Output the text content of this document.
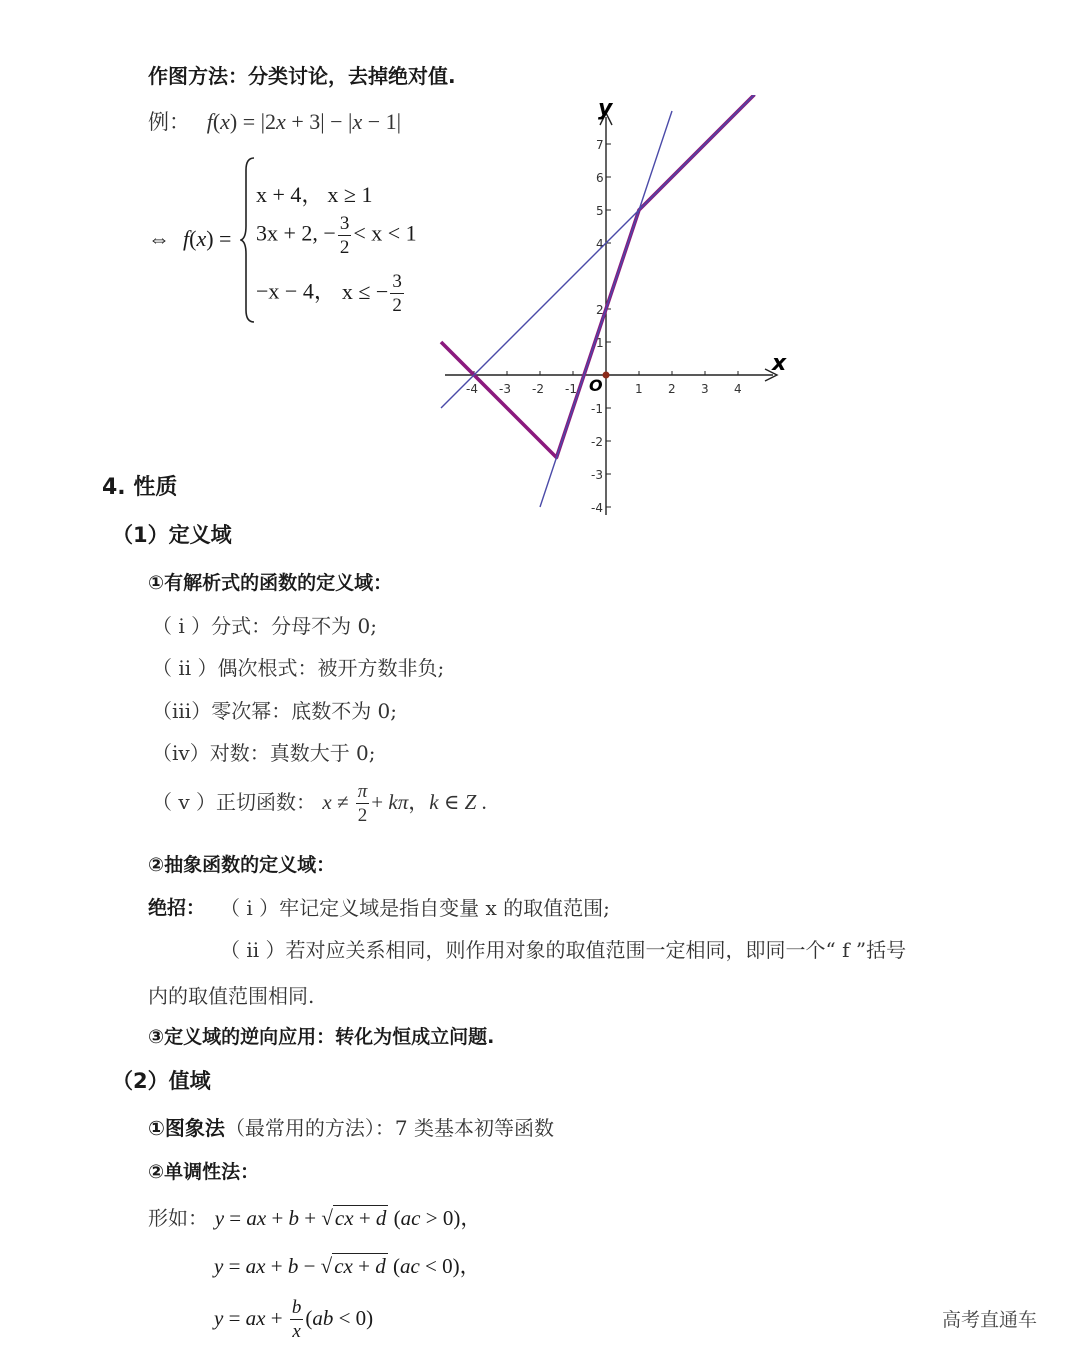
作图方法：分类讨论，去掉绝对值.
例： f(x) = |2x + 3| − |x − 1|
⇔ f(x) =
x + 4， x ≥ 1
3x + 2, − $\frac{3}{2} < x < 1$
−x − 4， x ≤ − $\frac{3}{2}$
-4 -3 -2 -1	1 2 3 4
7
6
5
4
2
1
-1
-2
-3
-4
x
y
O
4. 性质
（1）定义域
①有解析式的函数的定义域：
（ i ）分式：分母不为 0;
（ ii ）偶次根式：被开方数非负;
（iii）零次幂：底数不为 0;
（iv）对数：真数大于 0;
（ v ）正切函数： $x \ne \frac{\pi}{2} + k\pi$，k ∈ Z .
②抽象函数的定义域：
绝招： （ i ）牢记定义域是指自变量 x 的取值范围;
（ ii ）若对应关系相同，则作用对象的取值范围一定相同，即同一个“ f ”括号
内的取值范围相同.
③定义域的逆向应用：转化为恒成立问题.
（2）值域
①图象法（最常用的方法）：7 类基本初等函数
②单调性法：
形如： y = ax + b + √cx + d (ac > 0)，
y = ax + b − √cx + d (ac < 0)，
y = ax + $\frac{b}{x} (ab < 0)$	高考直通车
